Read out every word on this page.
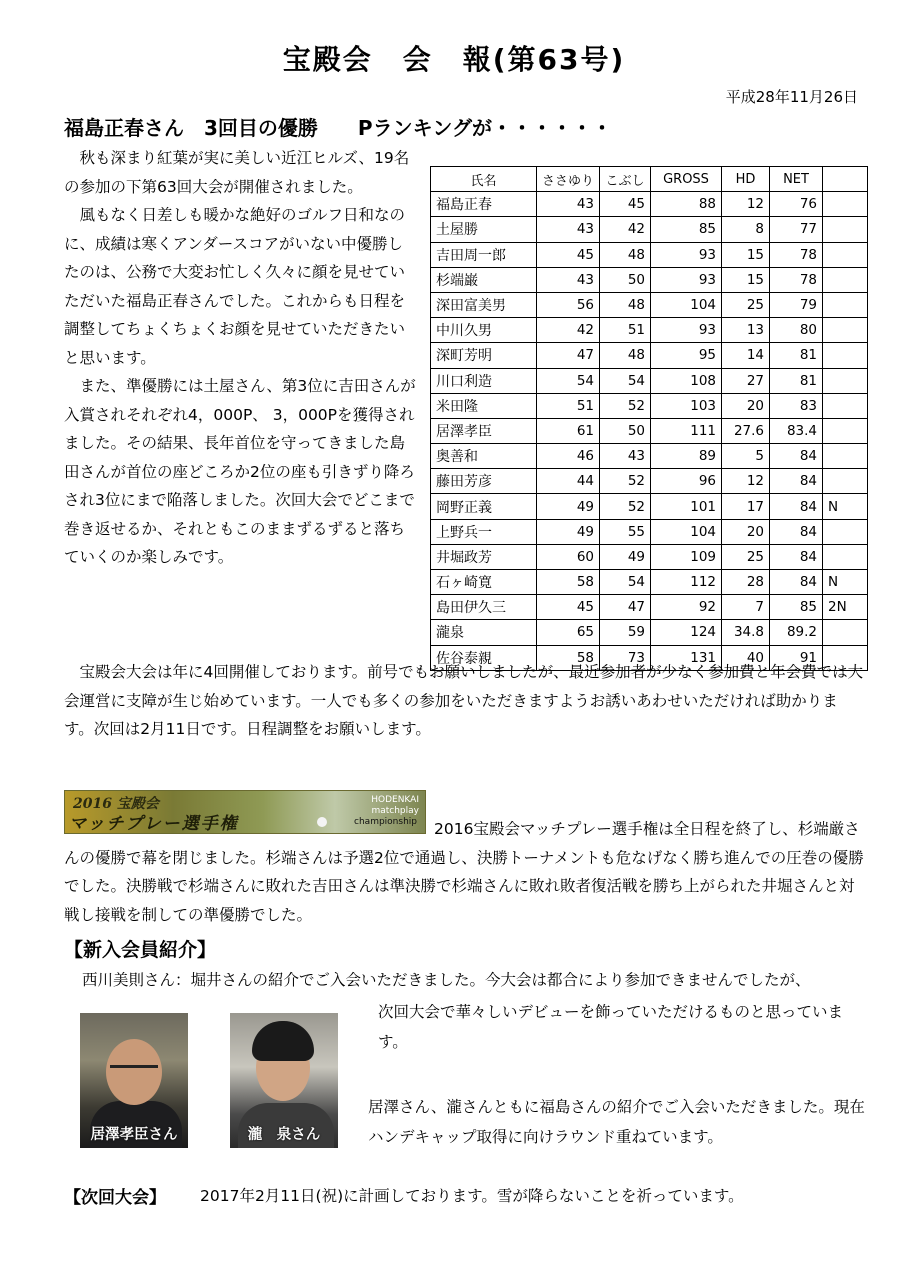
宝殿会　会　報(第63号)
平成28年11月26日
福島正春さん　3回目の優勝　　Pランキングが・・・・・・
秋も深まり紅葉が実に美しい近江ヒルズ、19名の参加の下第63回大会が開催されました。
風もなく日差しも暖かな絶好のゴルフ日和なのに、成績は寒くアンダースコアがいない中優勝したのは、公務で大変お忙しく久々に顔を見せていただいた福島正春さんでした。これからも日程を調整してちょくちょくお顔を見せていただきたいと思います。
また、準優勝には土屋さん、第3位に吉田さんが入賞されそれぞれ4，000P、 3，000Pを獲得されました。その結果、長年首位を守ってきました島田さんが首位の座どころか2位の座も引きずり降ろされ3位にまで陥落しました。次回大会でどこまで巻き返せるか、それともこのままずるずると落ちていくのか楽しみです。
氏名	ささゆり	こぶし	GROSS	HD	NET	
福島正春	43	45	88	12	76	
土屋勝	43	42	85	8	77	
吉田周一郎	45	48	93	15	78	
杉端巌	43	50	93	15	78	
深田富美男	56	48	104	25	79	
中川久男	42	51	93	13	80	
深町芳明	47	48	95	14	81	
川口利造	54	54	108	27	81	
米田隆	51	52	103	20	83	
居澤孝臣	61	50	111	27.6	83.4	
奥善和	46	43	89	5	84	
藤田芳彦	44	52	96	12	84	
岡野正義	49	52	101	17	84	N
上野兵一	49	55	104	20	84	
井堀政芳	60	49	109	25	84	
石ヶ崎寛	58	54	112	28	84	N
島田伊久三	45	47	92	7	85	2N
瀧泉	65	59	124	34.8	89.2	
佐谷泰親	58	73	131	40	91	
宝殿会大会は年に4回開催しております。前号でもお願いしましたが、最近参加者が少なく参加費と年会費では大会運営に支障が生じ始めています。一人でも多くの参加をいただきますようお誘いあわせいただければ助かります。次回は2月11日です。日程調整をお願いします。
2016 宝殿会
マッチプレー選手権
HODENKAI
matchplay
championship	2016宝殿会マッチプレー選手権は全日程を終了し、杉端厳さんの優勝で幕を閉じました。杉端さんは予選2位で通過し、決勝トーナメントも危なげなく勝ち進んでの圧巻の優勝でした。決勝戦で杉端さんに敗れた吉田さんは準決勝で杉端さんに敗れ敗者復活戦を勝ち上がられた井堀さんと対戦し接戦を制しての準優勝でした。
【新入会員紹介】
西川美則さん：堀井さんの紹介でご入会いただきました。今大会は都合により参加できませんでしたが、
次回大会で華々しいデビューを飾っていただけるものと思っています。
居澤さん、瀧さんともに福島さんの紹介でご入会いただきました。現在ハンデキャップ取得に向けラウンド重ねています。
居澤孝臣さん	瀧　泉さん
【次回大会】 2017年2月11日(祝)に計画しております。雪が降らないことを祈っています。
